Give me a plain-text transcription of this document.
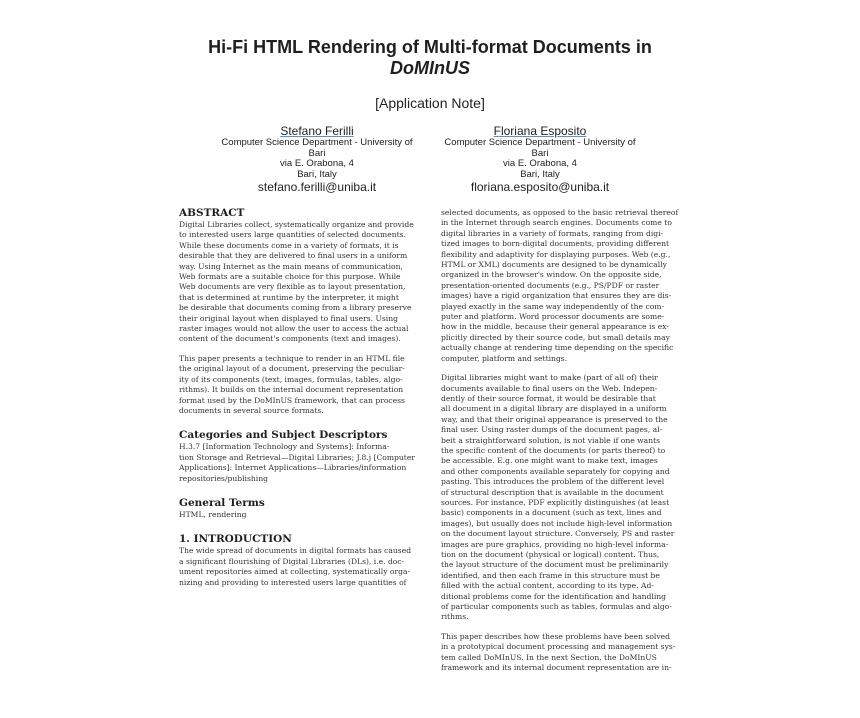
Hi-Fi HTML Rendering of Multi-format Documents in
DoMInUS
[Application Note]
Stefano Ferilli
Computer Science Department - University of
Bari
via E. Orabona, 4
Bari, Italy
stefano.ferilli@uniba.it
Floriana Esposito
Computer Science Department - University of
Bari
via E. Orabona, 4
Bari, Italy
floriana.esposito@uniba.it

ABSTRACT

Digital Libraries collect, systematically organize and provide
to interested users large quantities of selected documents.
While these documents come in a variety of formats, it is
desirable that they are delivered to final users in a uniform
way. Using Internet as the main means of communication,
Web formats are a suitable choice for this purpose. While
Web documents are very flexible as to layout presentation,
that is determined at runtime by the interpreter, it might
be desirable that documents coming from a library preserve
their original layout when displayed to final users. Using
raster images would not allow the user to access the actual
content of the document's components (text and images).

This paper presents a technique to render in an HTML file
the original layout of a document, preserving the peculiar-
ity of its components (text, images, formulas, tables, algo-
rithms). It builds on the internal document representation
format used by the DoMInUS framework, that can process
documents in several source formats.

Categories and Subject Descriptors

H.3.7 [Information Technology and Systems]: Informa-
tion Storage and Retrieval—Digital Libraries; J.8.j [Computer
Applications]: Internet Applications—Libraries/information
repositories/publishing

General Terms

HTML, rendering

1. INTRODUCTION

The wide spread of documents in digital formats has caused
a significant flourishing of Digital Libraries (DLs), i.e. doc-
ument repositories aimed at collecting, systematically orga-
nizing and providing to interested users large quantities of

selected documents, as opposed to the basic retrieval thereof
in the Internet through search engines. Documents come to
digital libraries in a variety of formats, ranging from digi-
tized images to born-digital documents, providing different
flexibility and adaptivity for displaying purposes. Web (e.g.,
HTML or XML) documents are designed to be dynamically
organized in the browser's window. On the opposite side,
presentation-oriented documents (e.g., PS/PDF or raster
images) have a rigid organization that ensures they are dis-
played exactly in the same way independently of the com-
puter and platform. Word processor documents are some-
how in the middle, because their general appearance is ex-
plicitly directed by their source code, but small details may
actually change at rendering time depending on the specific
computer, platform and settings.

Digital libraries might want to make (part of all of) their
documents available to final users on the Web. Indepen-
dently of their source format, it would be desirable that
all document in a digital library are displayed in a uniform
way, and that their original appearance is preserved to the
final user. Using raster dumps of the document pages, al-
beit a straightforward solution, is not viable if one wants
the specific content of the documents (or parts thereof) to
be accessible. E.g. one might want to make text, images
and other components available separately for copying and
pasting. This introduces the problem of the different level
of structural description that is available in the document
sources. For instance, PDF explicitly distinguishes (at least
basic) components in a document (such as text, lines and
images), but usually does not include high-level information
on the document layout structure. Conversely, PS and raster
images are pure graphics, providing no high-level informa-
tion on the document (physical or logical) content. Thus,
the layout structure of the document must be preliminarily
identified, and then each frame in this structure must be
filled with the actual content, according to its type. Ad-
ditional problems come for the identification and handling
of particular components such as tables, formulas and algo-
rithms.

This paper describes how these problems have been solved
in a prototypical document processing and management sys-
tem called DoMInUS. In the next Section, the DoMInUS
framework and its internal document representation are in-
